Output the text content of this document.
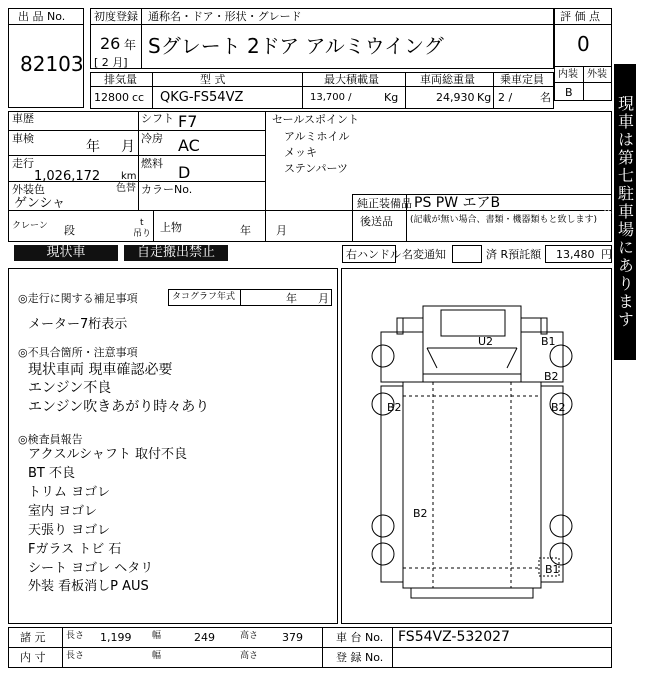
出 品 No.
82103
初度登録 通称名・ドア・形状・グレード
26 年
[ 2 月]
Sグレート 2ドア アルミウイング
評 価 点
0
内装 外装
B
排気量	型 式	最大積載量	車両総重量 乗車定員
12800 cc QKG-FS54VZ	13,700 /	Kg	24,930 Kg 2 /	名
車歴	シフト F7
車検
年 月
冷房 AC
走行
1,026,172 km
燃料 D
外装色
ゲンシャ
色替 カラーNo.
クレーン 段
t
吊り 上物	年 月
セールスポイント
アルミホイル
メッキ
ステンパーツ
純正装備品 PS PW エアB
後送品 (記載が無い場合、書類・機器類もと致します)
現状車	自走搬出禁止	右ハンドル 名変通知	済 R預託額 13,480 円
◎走行に関する補足事項	タコグラフ年式	年 月
メーター7桁表示
◎不具合箇所・注意事項
現状車両 現車確認必要
エンジン不良
エンジン吹きあがり時々あり
◎検査員報告
アクスルシャフト 取付不良
BT 不良
トリム ヨゴレ
室内 ヨゴレ
天張り ヨゴレ
Fガラス トビ 石
シート ヨゴレ ヘタリ
外装 看板消しP AUS
U2	B1
B2
B2	B2
B2
B1
◇
現車は第七駐車場にあります
◇
諸 元 長さ 1,199 幅	249	高さ 379	車 台 No. FS54VZ-532027
内 寸 長さ	幅	高さ	登 録 No.
